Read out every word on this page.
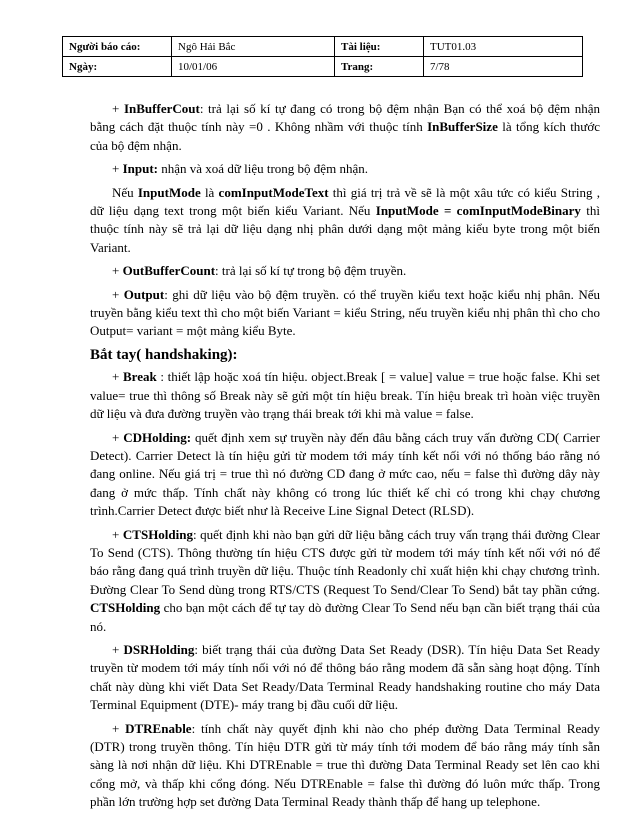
Người báo cáo:	Ngô Hải Bắc	Tài liệu:	TUT01.03
Ngày:	10/01/06	Trang:	7/78

+ InBufferCout: trả lại số kí tự đang có trong bộ đệm nhận Bạn có thể xoá bộ đệm nhận bằng cách đặt thuộc tính này =0 . Không nhầm với thuộc tính InBufferSize là tổng kích thước của bộ đệm nhận.

+ Input: nhận và xoá dữ liệu trong bộ đệm nhận.

Nếu InputMode là comInputModeText thì giá trị trả về sẽ là một xâu tức có kiểu String , dữ liệu dạng text trong một biến kiểu Variant. Nếu InputMode = comInputModeBinary thì thuộc tính này sẽ trả lại dữ liệu dạng nhị phân dưới dạng một mảng kiểu byte trong một biến Variant.

+ OutBufferCount: trả lại số kí tự trong bộ đệm truyền.

+ Output: ghi dữ liệu vào bộ đệm truyền. có thể truyền kiểu text hoặc kiểu nhị phân. Nếu truyền bằng kiểu text thì cho một biến Variant = kiểu String, nếu truyền kiểu nhị phân thì cho cho Output= variant = một mảng kiểu Byte.

Bắt tay( handshaking):

+ Break : thiết lập hoặc xoá tín hiệu. object.Break [ = value] value = true hoặc false. Khi set value= true thì thông số Break này sẽ gửi một tín hiệu break. Tín hiệu break trì hoàn việc truyền dữ liệu và đưa đường truyền vào trạng thái break tới khi mà value = false.

+ CDHolding: quết định xem sự truyền này đến đâu bằng cách truy vấn đường CD( Carrier Detect). Carrier Detect là tín hiệu gửi từ modem tới máy tính kết nối với nó thống báo rằng nó đang online. Nếu giá trị = true thì nó đường CD đang ở mức cao, nếu = false thì đường dây này đang ở mức thấp. Tính chất này không có trong lúc thiết kế chỉ có trong khi chạy chương trình.Carrier Detect được biết như là Receive Line Signal Detect (RLSD).

+ CTSHolding: quết định khi nào bạn gửi dữ liệu bằng cách truy vấn trạng thái đường Clear To Send (CTS). Thông thường tín hiệu CTS được gửi từ modem tới máy tính kết nối với nó để báo rằng đang quá trình truyền dữ liệu. Thuộc tính Readonly chỉ xuất hiện khi chạy chương trình. Đường Clear To Send dùng trong RTS/CTS (Request To Send/Clear To Send) bắt tay phần cứng. CTSHolding cho bạn một cách để tự tay dò đường Clear To Send nếu bạn cần biết trạng thái của nó.

+ DSRHolding: biết trạng thái của đường Data Set Ready (DSR). Tín hiệu Data Set Ready truyền từ modem tới máy tính nối với nó để thông báo rằng modem đã sẵn sàng hoạt động. Tính chất này dùng khi viết Data Set Ready/Data Terminal Ready handshaking routine cho máy Data Terminal Equipment (DTE)- máy trang bị đầu cuối dữ liệu.

+ DTREnable: tính chất này quyết định khi nào cho phép đường Data Terminal Ready (DTR) trong truyền thông. Tín hiệu DTR gửi từ máy tính tới modem để báo rằng máy tính sẵn sàng là nơi nhận dữ liệu. Khi DTREnable = true thì đường Data Terminal Ready set lên cao khi cổng mở, và thấp khi cổng đóng. Nếu DTREnable = false thì đường đó luôn mức thấp. Trong phần lớn trường hợp set đường Data Terminal Ready thành thấp để hang up telephone.
